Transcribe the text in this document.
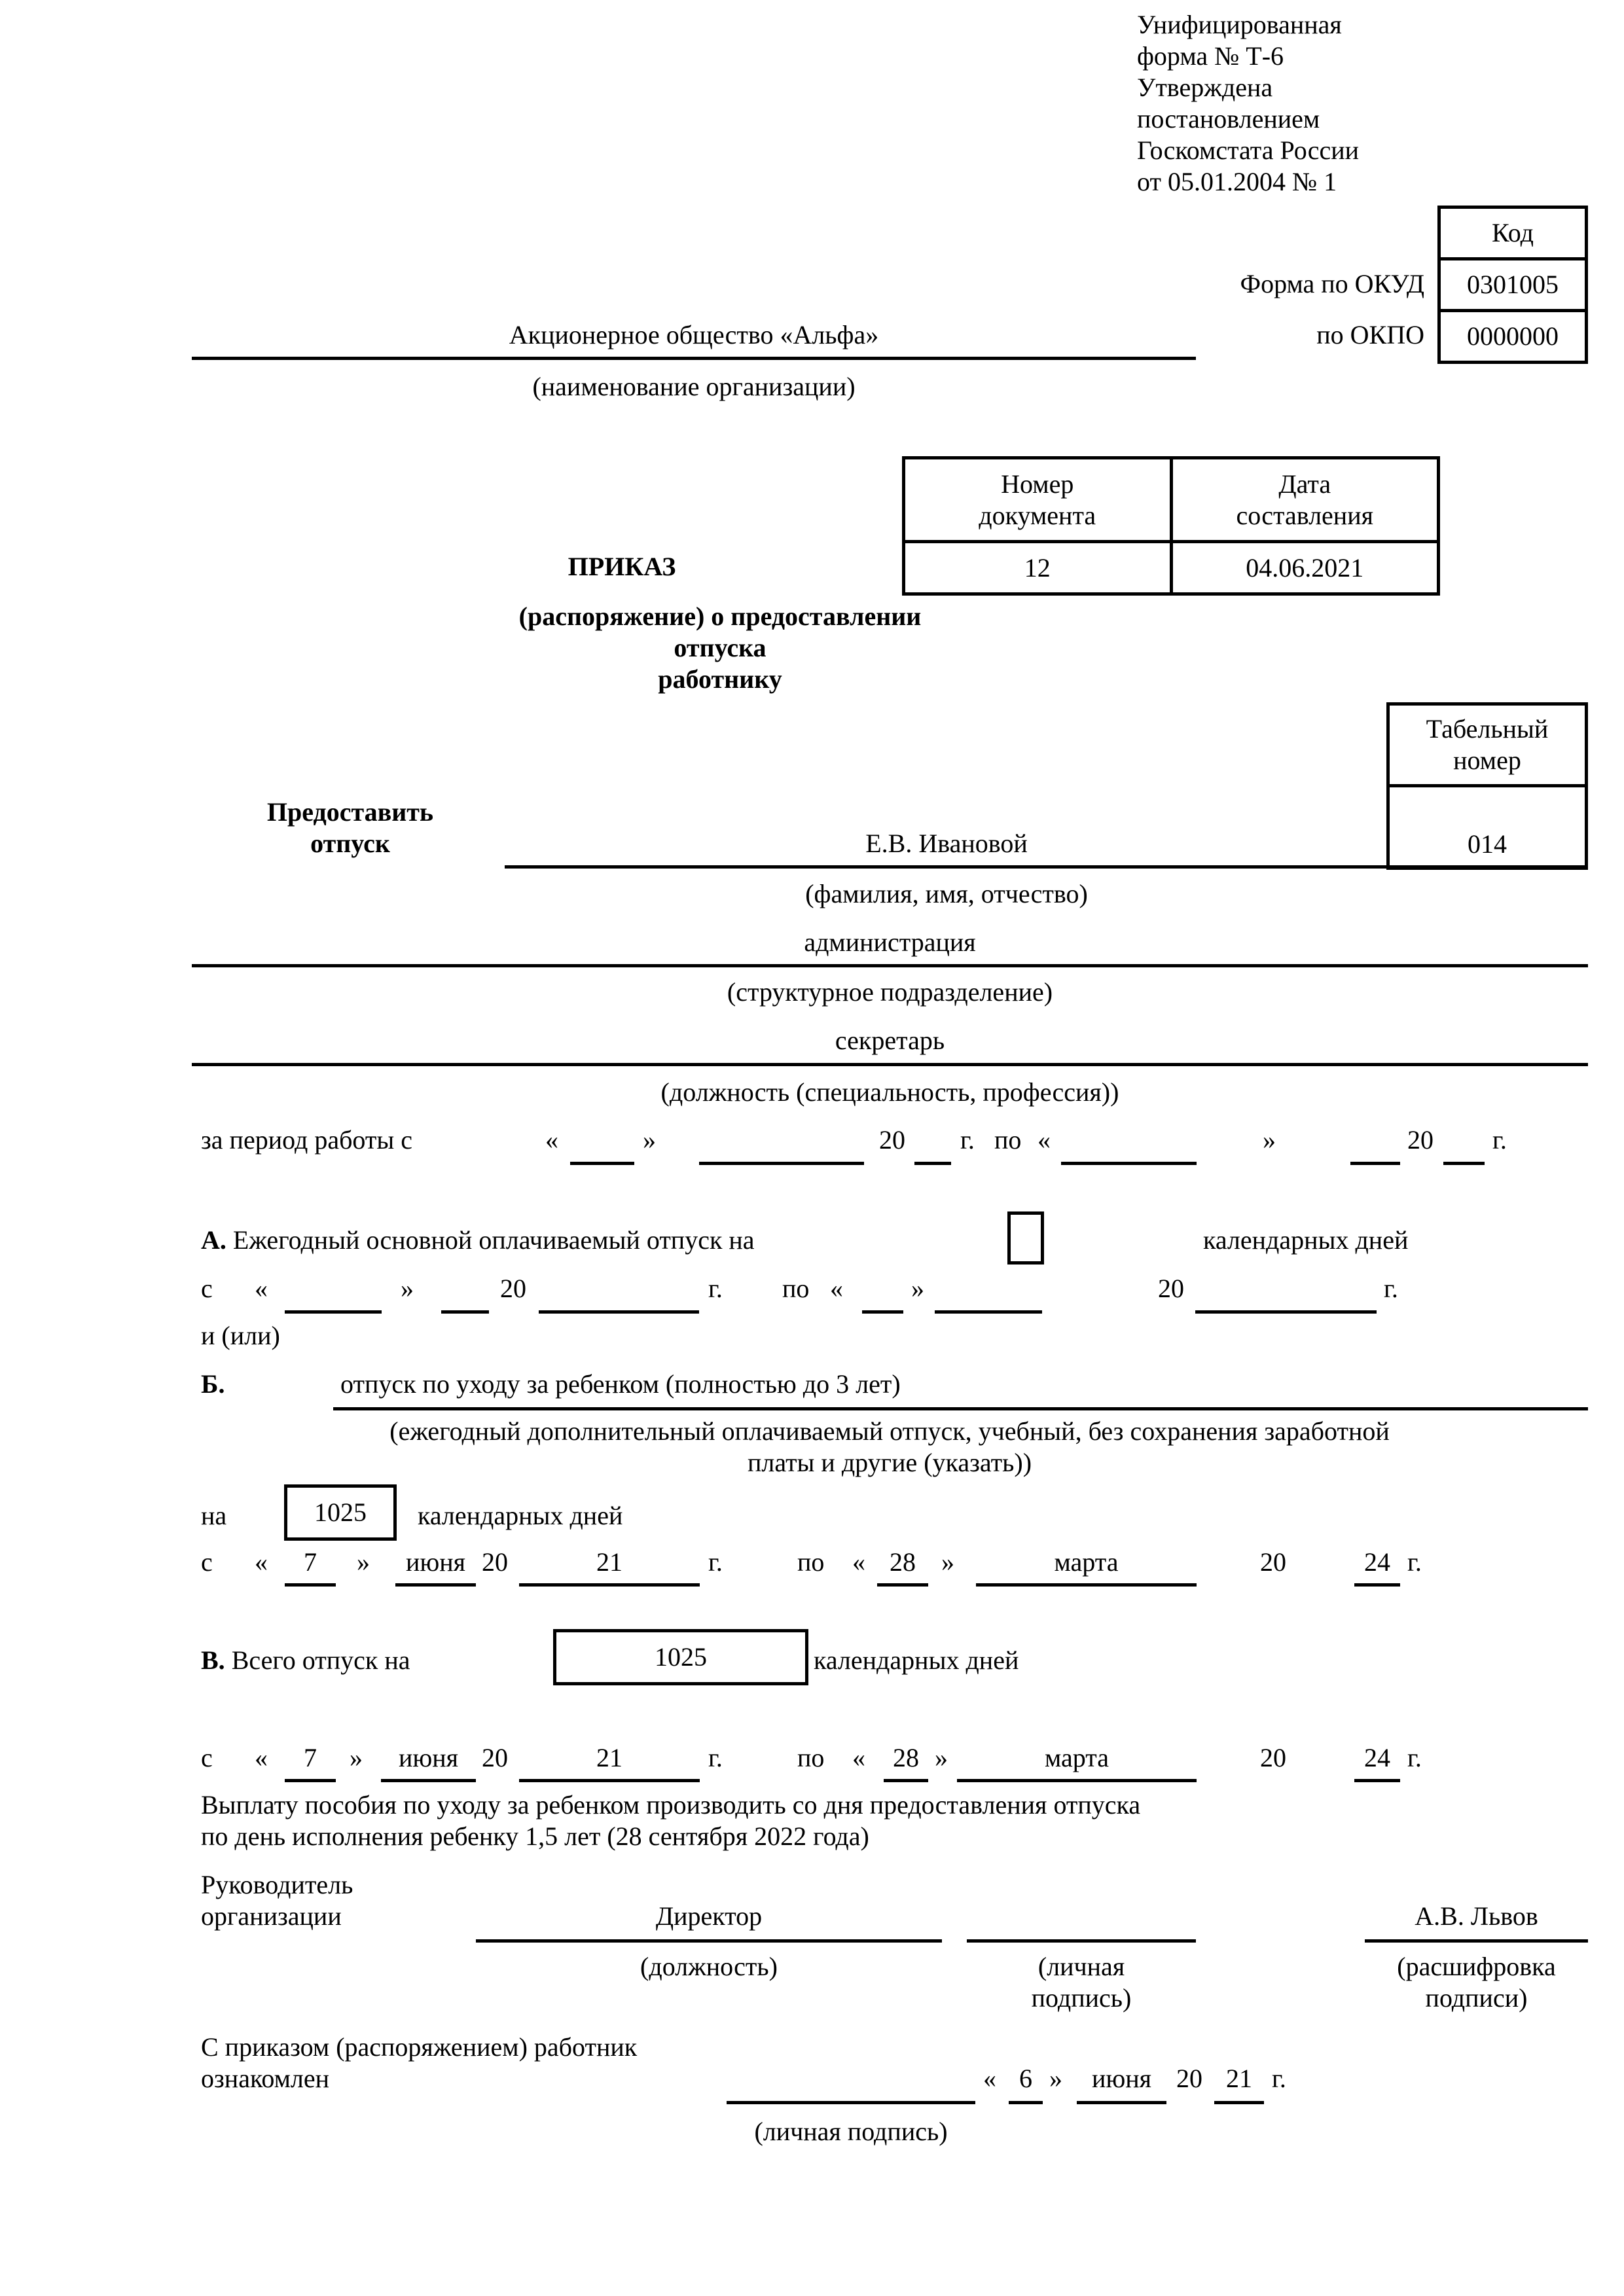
Унифицированная
форма № Т-6
Утверждена
постановлением
Госкомстата России
от 05.01.2004 № 1
Код
0301005
0000000
Форма по ОКУД
по ОКПО
Акционерное общество «Альфа»
(наименование организации)
Номер
документа

Дата
составления

12	04.06.2021
ПРИКАЗ
(распоряжение) о предоставлении
отпуска
работнику
Предоставить
отпуск	Е.В. Ивановой
Табельный
номер

014
(фамилия, имя, отчество)
администрация
(структурное подразделение)
секретарь
(должность (специальность, профессия))
за период работы с	«	»	20 г. по «	»	20 г.
А. Ежегодный основной оплачиваемый отпуск на	календарных дней
с «	»	20	г. по «	»	20	г.
и (или)
Б.	отпуск по уходу за ребенком (полностью до 3 лет)
(ежегодный дополнительный оплачиваемый отпуск, учебный, без сохранения заработной
платы и другие (указать))
на	1025	календарных дней
с «	7	»	июня 20	21	г.	по « 28 »	марта	20	24 г.
В. Всего отпуск на	1025	календарных дней
с «	7	»	июня 20	21	г.	по «	28 »	марта	20	24 г.
Выплату пособия по уходу за ребенком производить со дня предоставления отпуска
по день исполнения ребенку 1,5 лет (28 сентября 2022 года)
Руководитель
организации	Директор	А.В. Львов
(должность)	(личная
подпись)
(расшифровка
подписи)
С приказом (распоряжением) работник
ознакомлен	« 6 »	июня 20 21 г.
(личная подпись)
